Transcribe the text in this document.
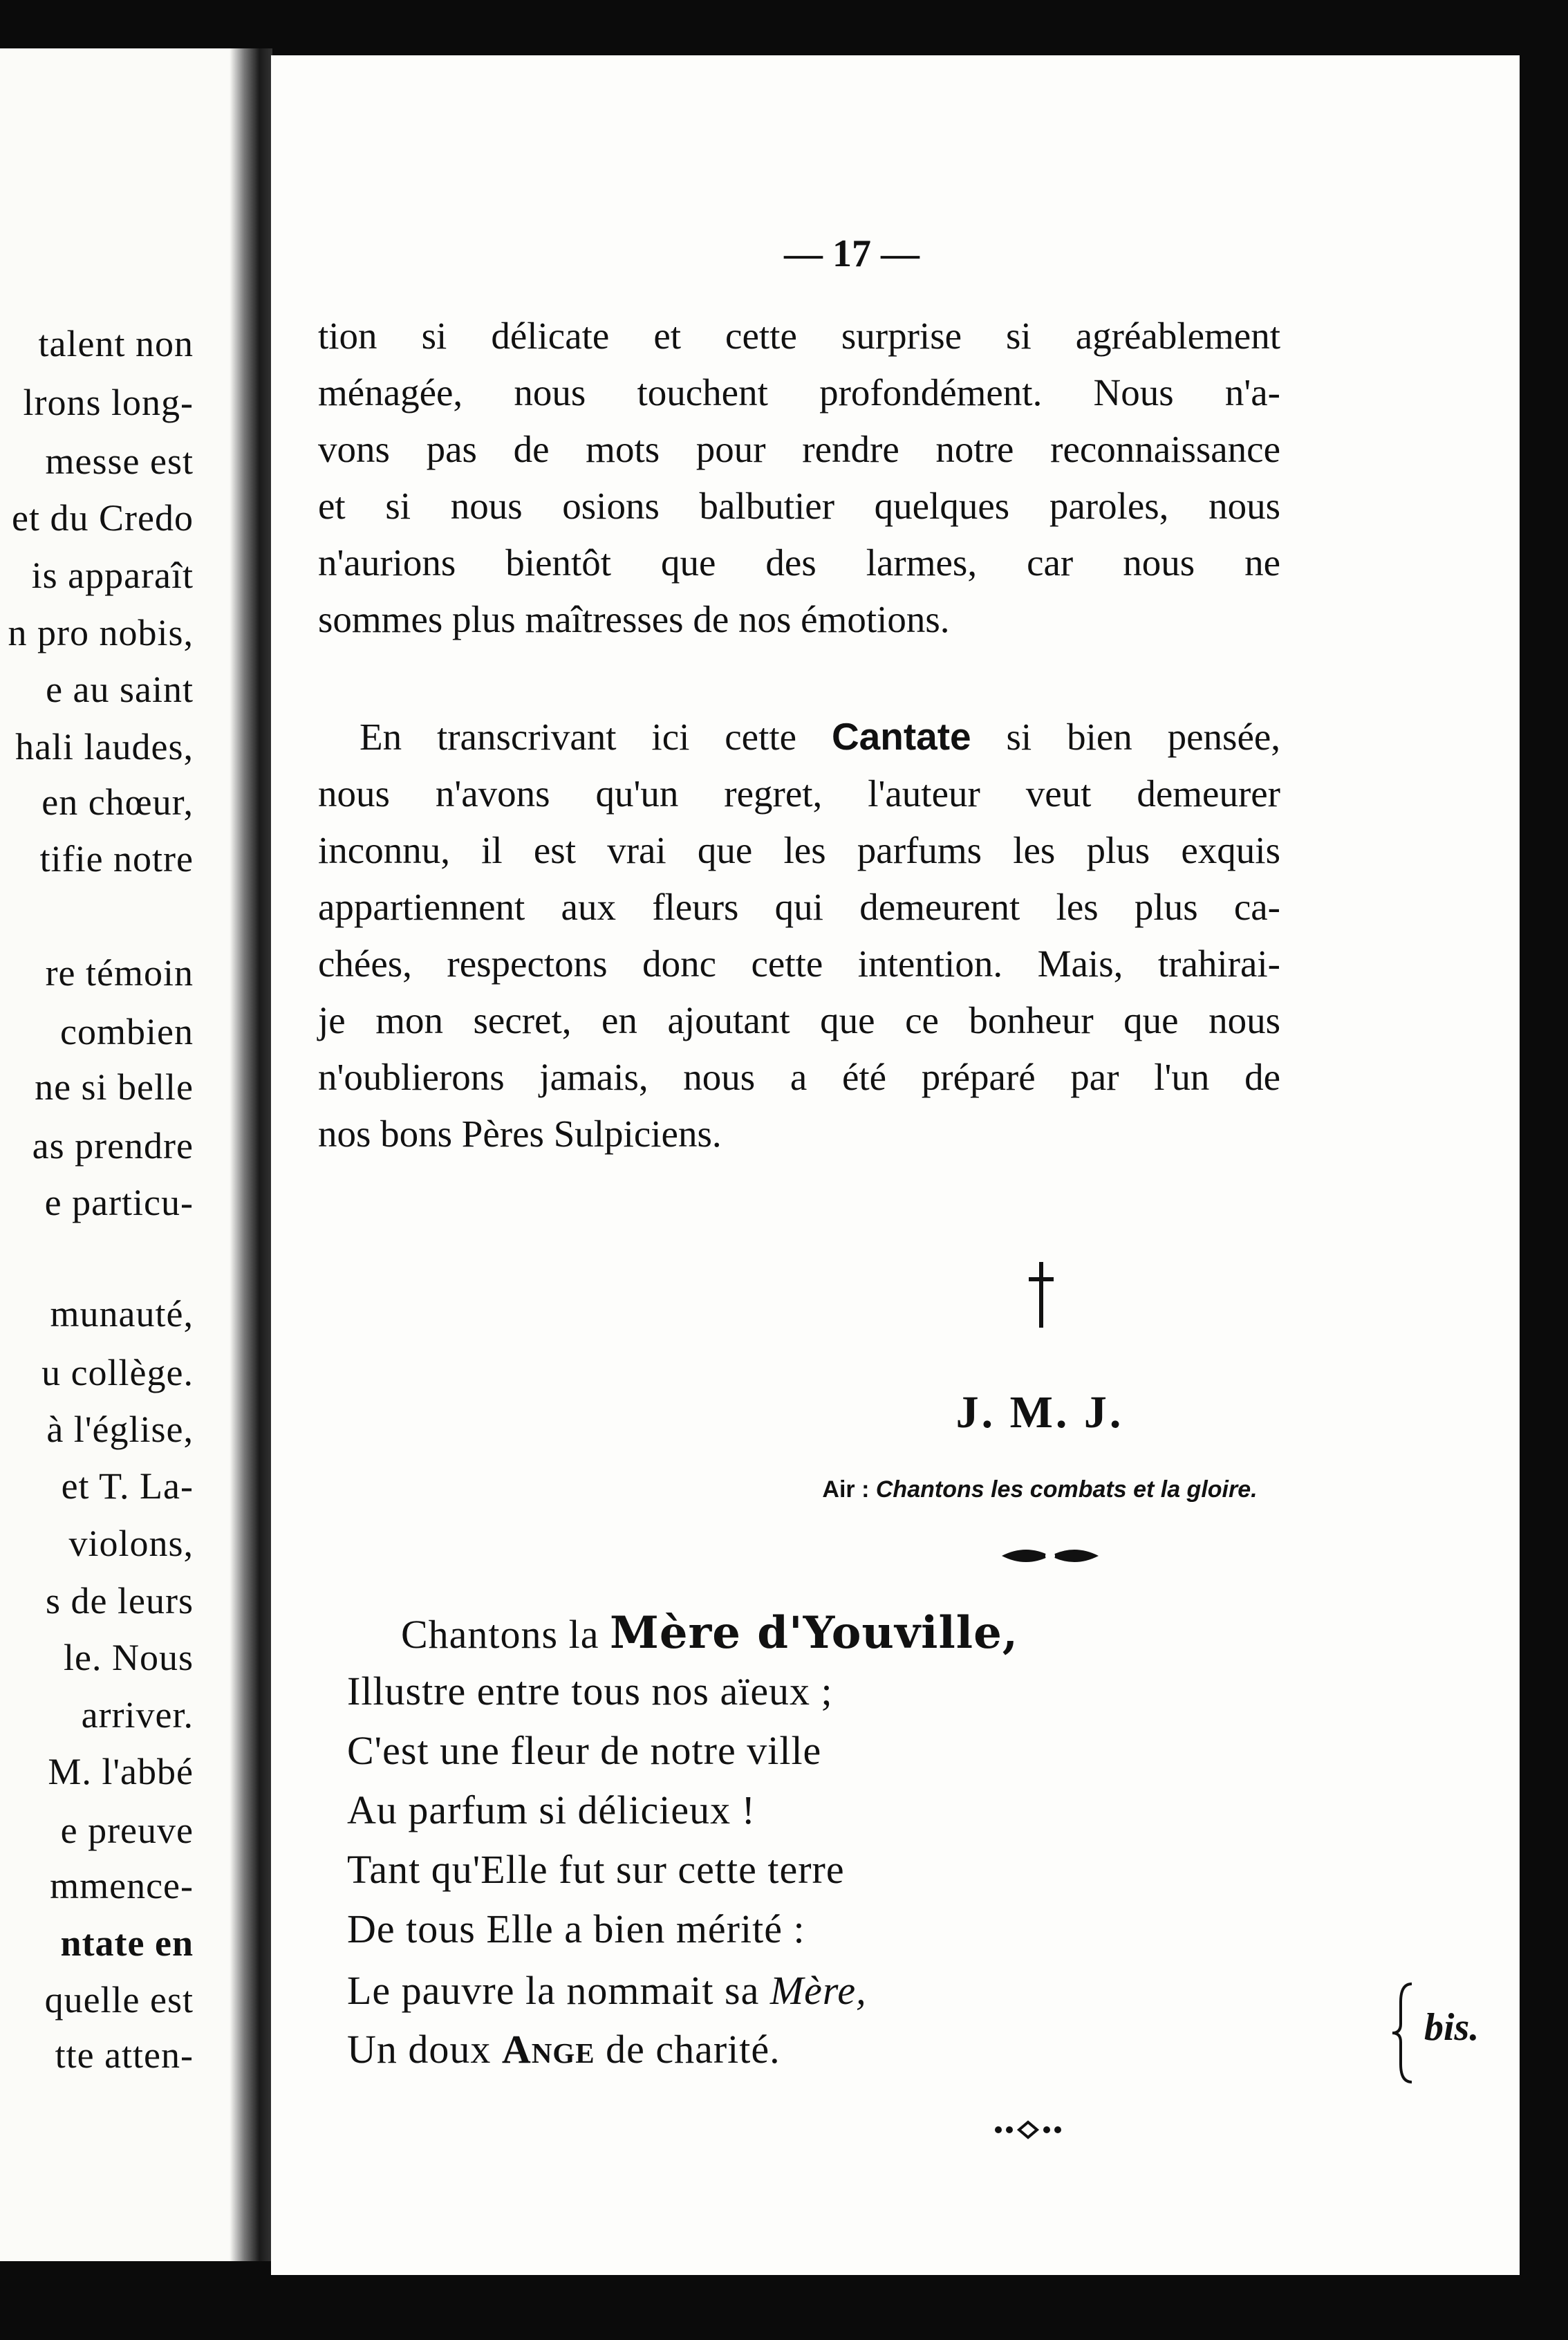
talent non
lrons long-
messe est
et du Credo
is apparaît
n pro nobis,
e au saint
hali laudes,
en chœur,
tifie notre
re témoin
combien
ne si belle
as prendre
e particu-
munauté,
u collège.
à l'église,
et T. La-
violons,
s de leurs
le. Nous
arriver.
M. l'abbé
e preuve
mmence-
ntate en
quelle est
tte atten-
— 17 —
tion si délicate et cette surprise si agréablement
ménagée, nous touchent profondément. Nous n'a-
vons pas de mots pour rendre notre reconnaissance
et si nous osions balbutier quelques paroles, nous
n'aurions bientôt que des larmes, car nous ne
sommes plus maîtresses de nos émotions.
En transcrivant ici cette Cantate si bien pensée,
nous n'avons qu'un regret, l'auteur veut demeurer
inconnu, il est vrai que les parfums les plus exquis
appartiennent aux fleurs qui demeurent les plus ca-
chées, respectons donc cette intention. Mais, trahirai-
je mon secret, en ajoutant que ce bonheur que nous
n'oublierons jamais, nous a été préparé par l'un de
nos bons Pères Sulpiciens.
J. M. J.
Air : Chantons les combats et la gloire.
Chantons la Mère d'Youville,
Illustre entre tous nos aïeux ;
C'est une fleur de notre ville
Au parfum si délicieux !
Tant qu'Elle fut sur cette terre
De tous Elle a bien mérité :
Le pauvre la nommait sa Mère,
Un doux Ange de charité.	bis.
